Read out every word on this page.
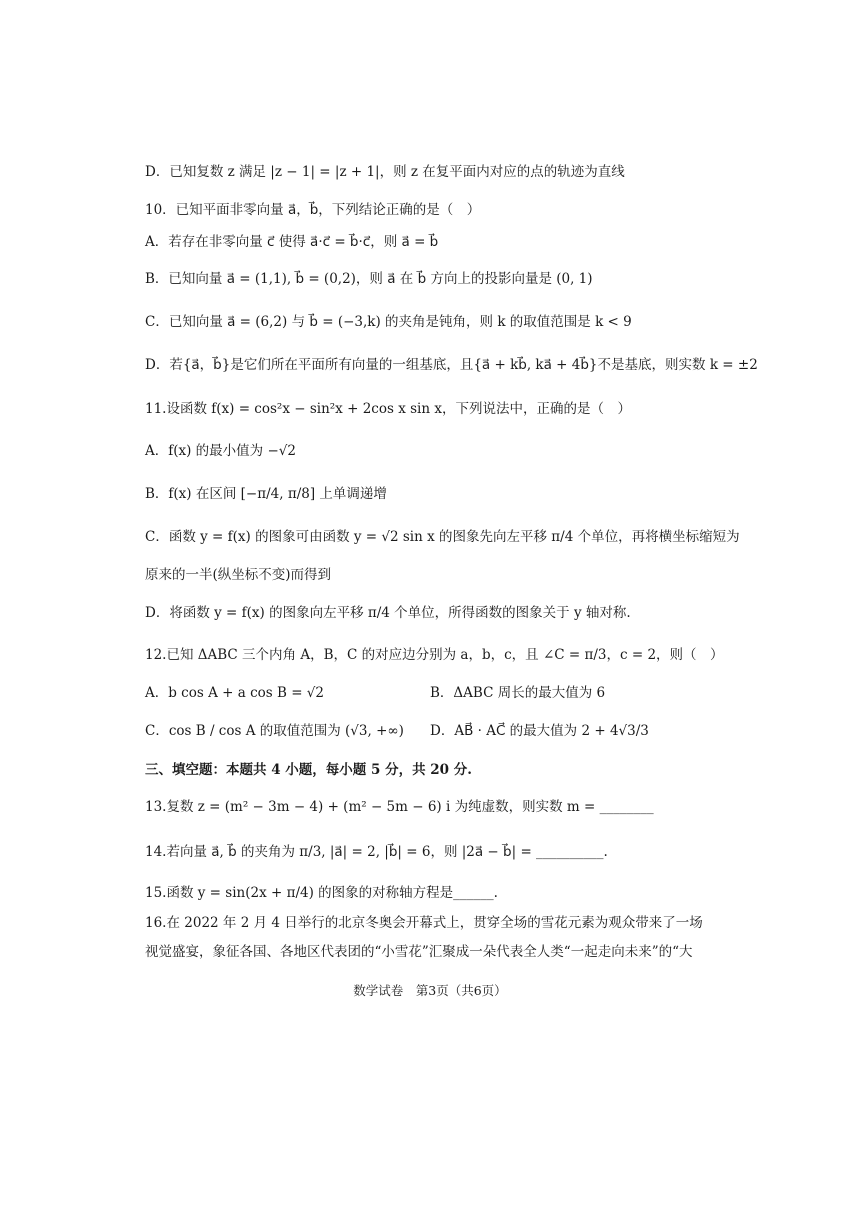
D．已知复数 z 满足 |z − 1| = |z + 1|，则 z 在复平面内对应的点的轨迹为直线
10．已知平面非零向量 a⃗，b⃗，下列结论正确的是（　）
A．若存在非零向量 c⃗ 使得 a⃗·c⃗ = b⃗·c⃗，则 a⃗ = b⃗
B．已知向量 a⃗ = (1,1), b⃗ = (0,2)，则 a⃗ 在 b⃗ 方向上的投影向量是 (0, 1)
C．已知向量 a⃗ = (6,2) 与 b⃗ = (−3,k) 的夹角是钝角，则 k 的取值范围是 k < 9
D．若{a⃗，b⃗}是它们所在平面所有向量的一组基底，且{a⃗ + kb⃗, ka⃗ + 4b⃗}不是基底，则实数 k = ±2
11.设函数 f(x) = cos²x − sin²x + 2cos x sin x，下列说法中，正确的是（　）
A．f(x) 的最小值为 −√2
B．f(x) 在区间 [−π/4, π/8] 上单调递增
C．函数 y = f(x) 的图象可由函数 y = √2 sin x 的图象先向左平移 π/4 个单位，再将横坐标缩短为
原来的一半(纵坐标不变)而得到
D．将函数 y = f(x) 的图象向左平移 π/4 个单位，所得函数的图象关于 y 轴对称.
12.已知 ΔABC 三个内角 A，B，C 的对应边分别为 a，b，c，且 ∠C = π/3，c = 2，则（　）
A．b cos A + a cos B = √2	B．ΔABC 周长的最大值为 6
C．cos B / cos A 的取值范围为 (√3, +∞) D．AB⃗ · AC⃗ 的最大值为 2 + 4√3/3
三、填空题：本题共 4 小题，每小题 5 分，共 20 分.
13.复数 z = (m² − 3m − 4) + (m² − 5m − 6) i 为纯虚数，则实数 m = ________
14.若向量 a⃗, b⃗ 的夹角为 π/3, |a⃗| = 2, |b⃗| = 6，则 |2a⃗ − b⃗| = __________.
15.函数 y = sin(2x + π/4) 的图象的对称轴方程是______.
16.在 2022 年 2 月 4 日举行的北京冬奥会开幕式上，贯穿全场的雪花元素为观众带来了一场
视觉盛宴，象征各国、各地区代表团的“小雪花”汇聚成一朵代表全人类“一起走向未来”的“大
数学试卷　第3页（共6页）
